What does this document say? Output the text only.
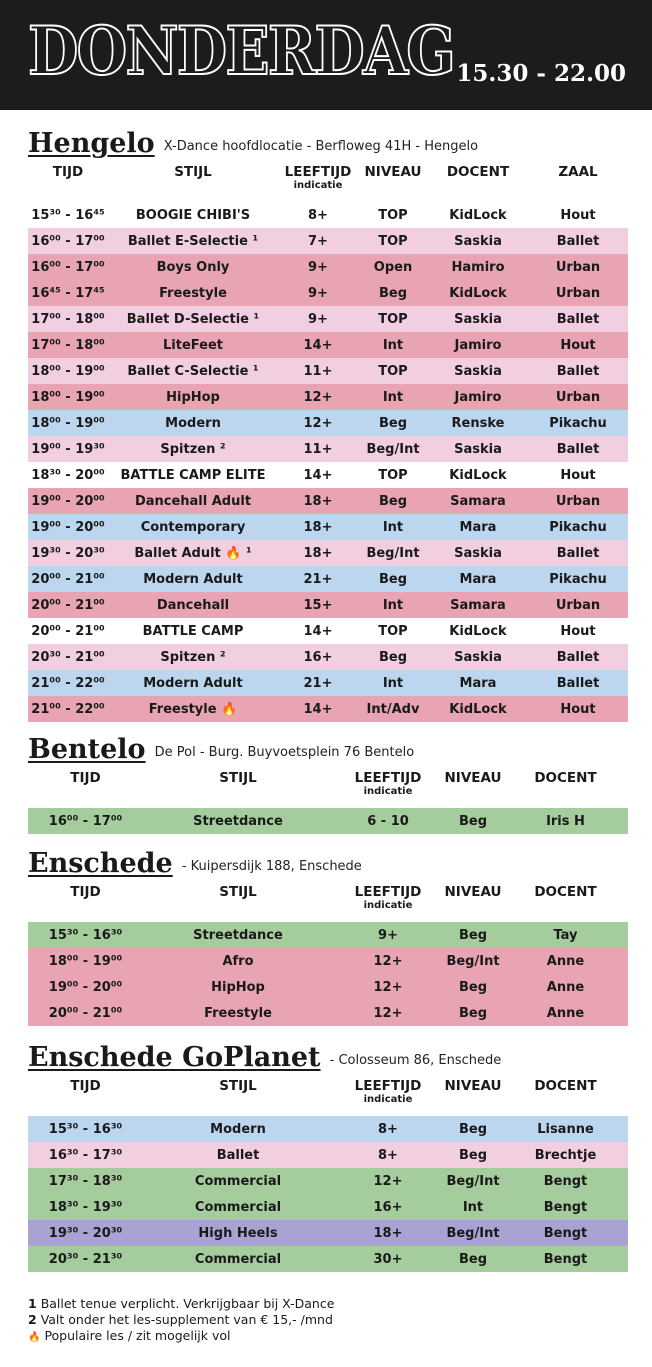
DONDERDAG 15.30 - 22.00
Hengelo X-Dance hoofdlocatie - Berfloweg 41H - Hengelo
TIJD	STIJL	LEEFTIJD
indicatie
NIVEAU	DOCENT	ZAAL
15³⁰ - 16⁴⁵	BOOGIE CHIBI'S	8+	TOP	KidLock	Hout
16⁰⁰ - 17⁰⁰	Ballet E-Selectie ¹	7+	TOP	Saskia	Ballet
16⁰⁰ - 17⁰⁰	Boys Only	9+	Open	Hamiro	Urban
16⁴⁵ - 17⁴⁵	Freestyle	9+	Beg	KidLock	Urban
17⁰⁰ - 18⁰⁰	Ballet D-Selectie ¹	9+	TOP	Saskia	Ballet
17⁰⁰ - 18⁰⁰	LiteFeet	14+	Int	Jamiro	Hout
18⁰⁰ - 19⁰⁰	Ballet C-Selectie ¹	11+	TOP	Saskia	Ballet
18⁰⁰ - 19⁰⁰	HipHop	12+	Int	Jamiro	Urban
18⁰⁰ - 19⁰⁰	Modern	12+	Beg	Renske	Pikachu
19⁰⁰ - 19³⁰	Spitzen ²	11+	Beg/Int	Saskia	Ballet
18³⁰ - 20⁰⁰	BATTLE CAMP ELITE	14+	TOP	KidLock	Hout
19⁰⁰ - 20⁰⁰	Dancehall Adult	18+	Beg	Samara	Urban
19⁰⁰ - 20⁰⁰	Contemporary	18+	Int	Mara	Pikachu
19³⁰ - 20³⁰	Ballet Adult 🔥 ¹	18+	Beg/Int	Saskia	Ballet
20⁰⁰ - 21⁰⁰	Modern Adult	21+	Beg	Mara	Pikachu
20⁰⁰ - 21⁰⁰	Dancehall	15+	Int	Samara	Urban
20⁰⁰ - 21⁰⁰	BATTLE CAMP	14+	TOP	KidLock	Hout
20³⁰ - 21⁰⁰	Spitzen ²	16+	Beg	Saskia	Ballet
21⁰⁰ - 22⁰⁰	Modern Adult	21+	Int	Mara	Ballet
21⁰⁰ - 22⁰⁰	Freestyle 🔥	14+	Int/Adv	KidLock	Hout
Bentelo De Pol - Burg. Buyvoetsplein 76 Bentelo
TIJD	STIJL	LEEFTIJD
indicatie
NIVEAU	DOCENT
16⁰⁰ - 17⁰⁰	Streetdance	6 - 10	Beg	Iris H
Enschede - Kuipersdijk 188, Enschede
TIJD	STIJL	LEEFTIJD
indicatie
NIVEAU	DOCENT
15³⁰ - 16³⁰	Streetdance	9+	Beg	Tay
18⁰⁰ - 19⁰⁰	Afro	12+	Beg/Int	Anne
19⁰⁰ - 20⁰⁰	HipHop	12+	Beg	Anne
20⁰⁰ - 21⁰⁰	Freestyle	12+	Beg	Anne
Enschede GoPlanet - Colosseum 86, Enschede
TIJD	STIJL	LEEFTIJD
indicatie
NIVEAU	DOCENT
15³⁰ - 16³⁰	Modern	8+	Beg	Lisanne
16³⁰ - 17³⁰	Ballet	8+	Beg	Brechtje
17³⁰ - 18³⁰	Commercial	12+	Beg/Int	Bengt
18³⁰ - 19³⁰	Commercial	16+	Int	Bengt
19³⁰ - 20³⁰	High Heels	18+	Beg/Int	Bengt
20³⁰ - 21³⁰	Commercial	30+	Beg	Bengt
1 Ballet tenue verplicht. Verkrijgbaar bij X-Dance
2 Valt onder het les-supplement van € 15,- /mnd
🔥 Populaire les / zit mogelijk vol
